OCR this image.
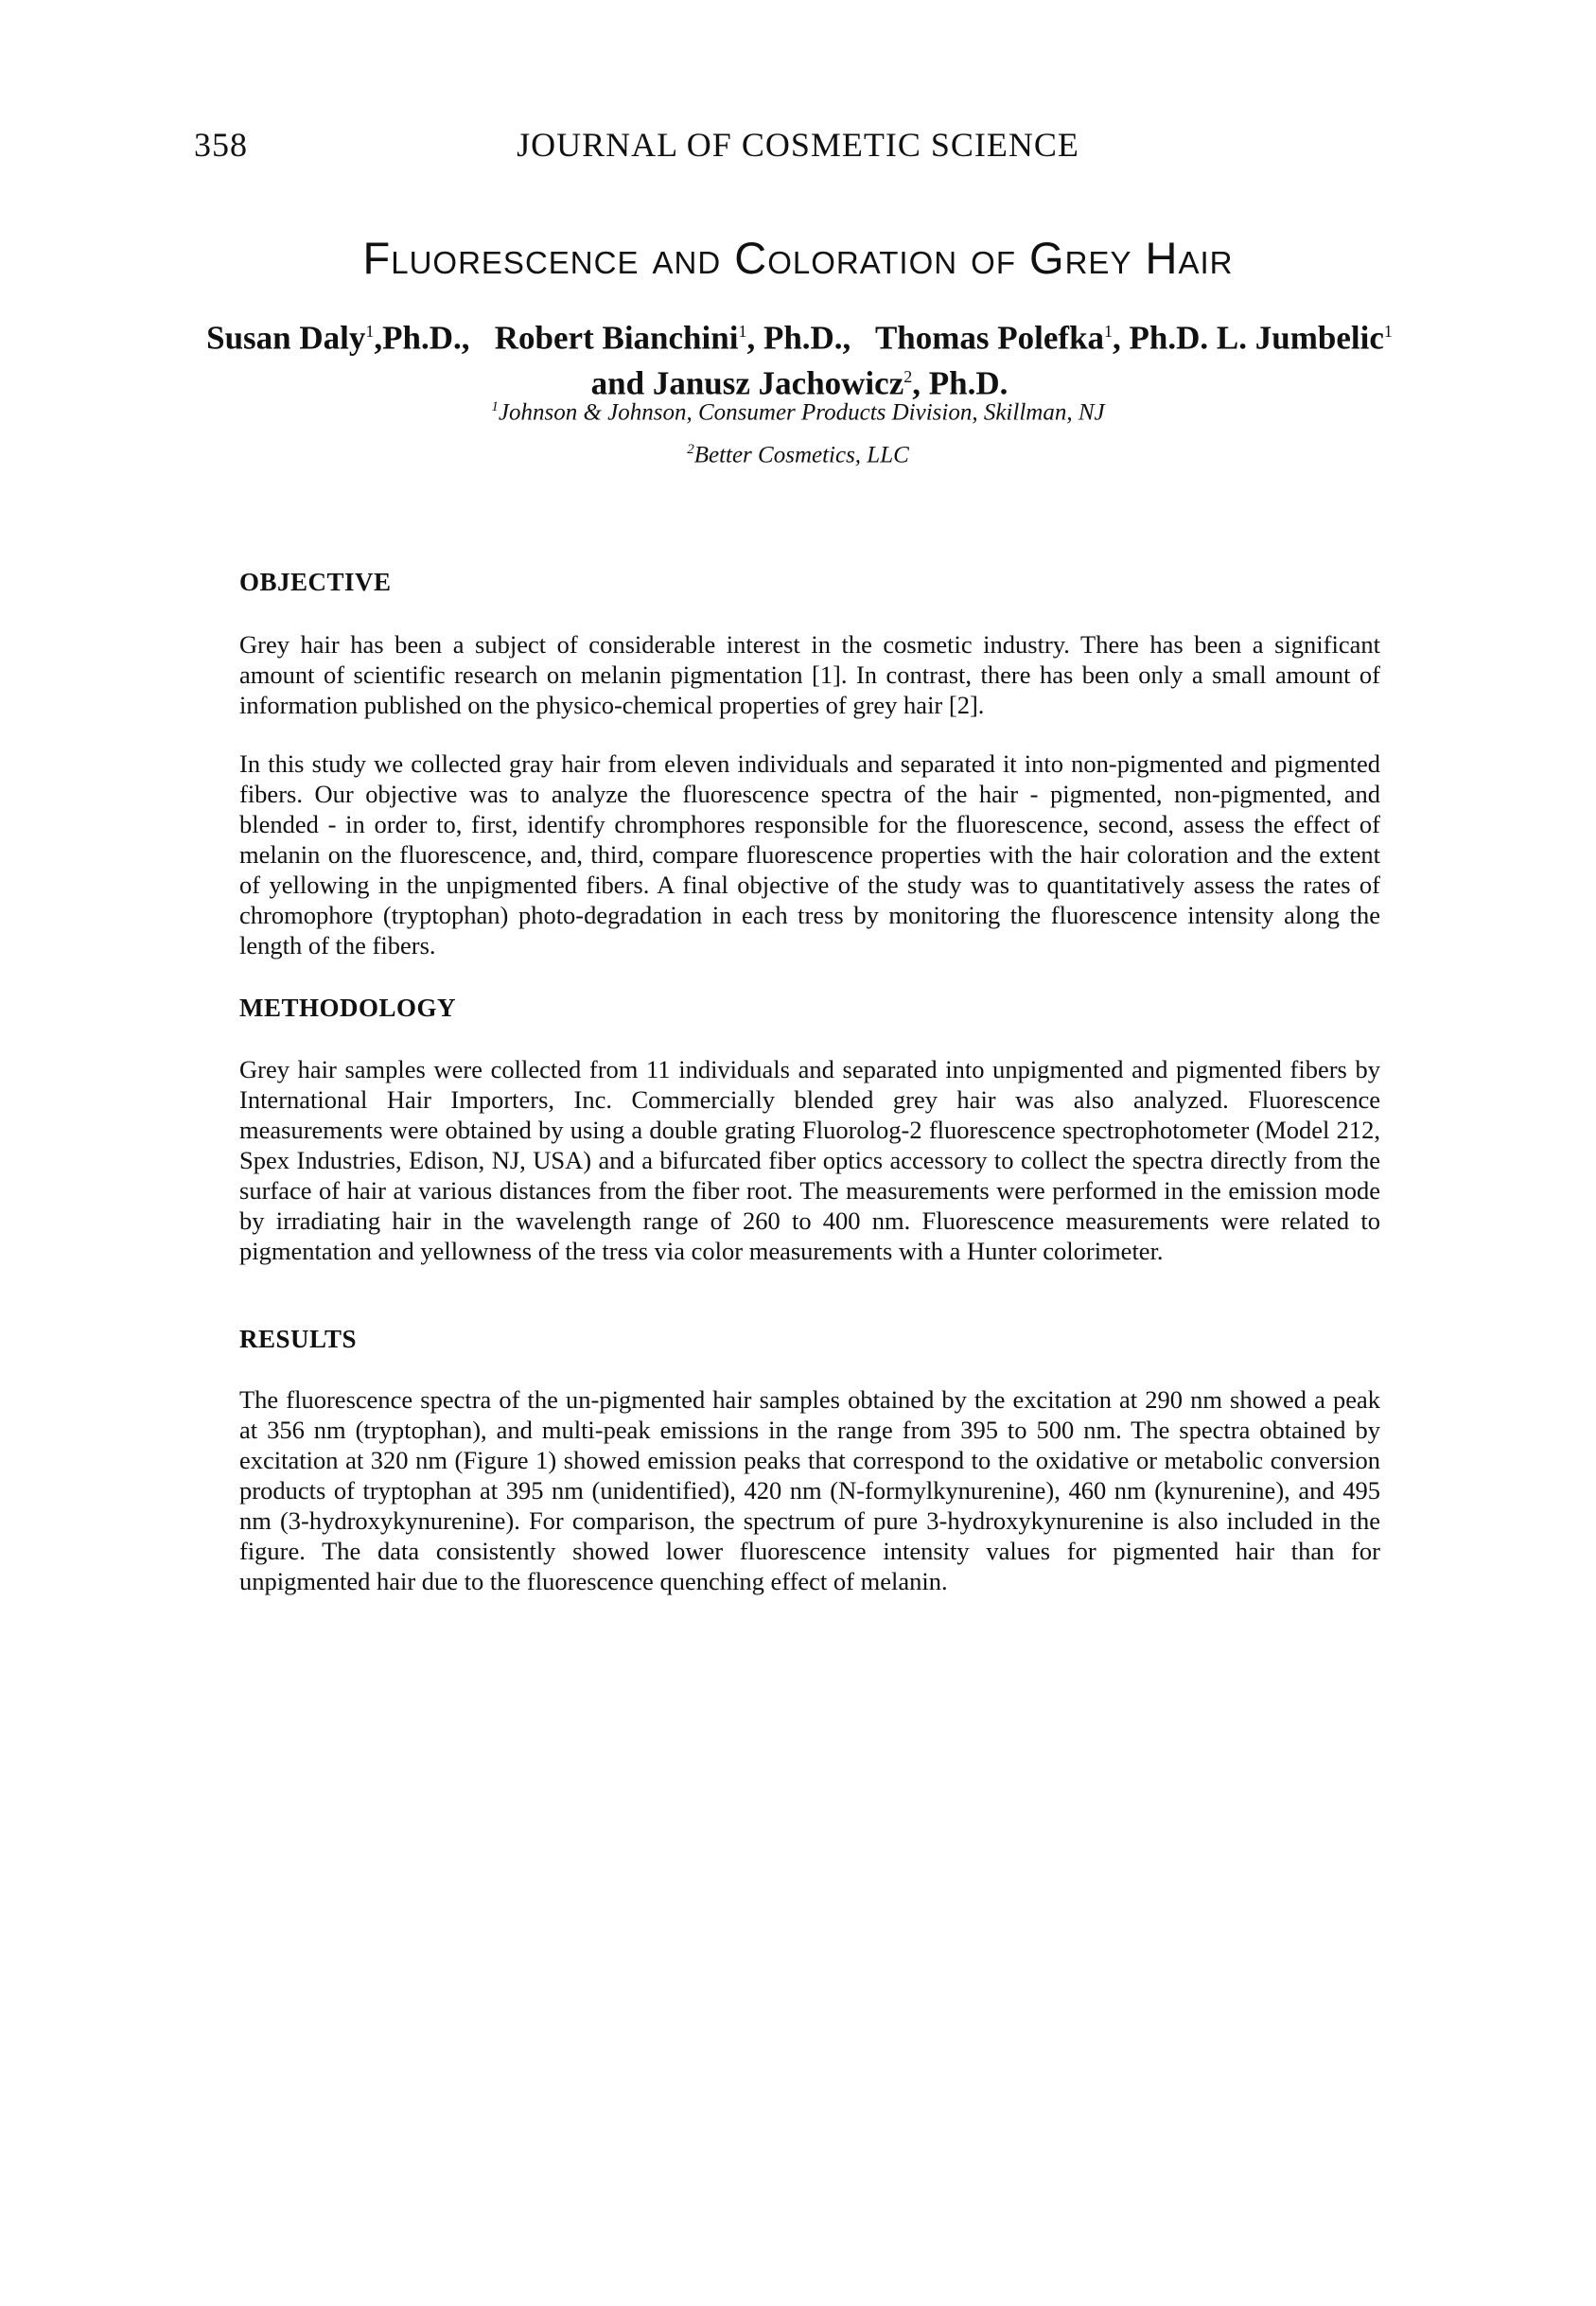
358	JOURNAL OF COSMETIC SCIENCE
Fluorescence and Coloration of Grey Hair

Susan Daly$^1$,Ph.D., Robert Bianchini$^1$, Ph.D., Thomas Polefka$^1$, Ph.D. L. Jumbelic$^1$
and Janusz Jachowicz$^2$, Ph.D.

$^1$Johnson & Johnson, Consumer Products Division, Skillman, NJ

$^2$Better Cosmetics, LLC

OBJECTIVE

Grey hair has been a subject of considerable interest in the cosmetic industry. There has been a significant amount of scientific research on melanin pigmentation [1]. In contrast, there has been only a small amount of information published on the physico-chemical properties of grey hair [2].

In this study we collected gray hair from eleven individuals and separated it into non-pigmented and pigmented fibers. Our objective was to analyze the fluorescence spectra of the hair - pigmented, non-pigmented, and blended - in order to, first, identify chromphores responsible for the fluorescence, second, assess the effect of melanin on the fluorescence, and, third, compare fluorescence properties with the hair coloration and the extent of yellowing in the unpigmented fibers. A final objective of the study was to quantitatively assess the rates of chromophore (tryptophan) photo-degradation in each tress by monitoring the fluorescence intensity along the length of the fibers.

METHODOLOGY

Grey hair samples were collected from 11 individuals and separated into unpigmented and pigmented fibers by International Hair Importers, Inc. Commercially blended grey hair was also analyzed. Fluorescence measurements were obtained by using a double grating Fluorolog-2 fluorescence spectrophotometer (Model 212, Spex Industries, Edison, NJ, USA) and a bifurcated fiber optics accessory to collect the spectra directly from the surface of hair at various distances from the fiber root. The measurements were performed in the emission mode by irradiating hair in the wavelength range of 260 to 400 nm. Fluorescence measurements were related to pigmentation and yellowness of the tress via color measurements with a Hunter colorimeter.

RESULTS

The fluorescence spectra of the un-pigmented hair samples obtained by the excitation at 290 nm showed a peak at 356 nm (tryptophan), and multi-peak emissions in the range from 395 to 500 nm. The spectra obtained by excitation at 320 nm (Figure 1) showed emission peaks that correspond to the oxidative or metabolic conversion products of tryptophan at 395 nm (unidentified), 420 nm (N-formylkynurenine), 460 nm (kynurenine), and 495 nm (3-hydroxykynurenine). For comparison, the spectrum of pure 3-hydroxykynurenine is also included in the figure. The data consistently showed lower fluorescence intensity values for pigmented hair than for unpigmented hair due to the fluorescence quenching effect of melanin.
